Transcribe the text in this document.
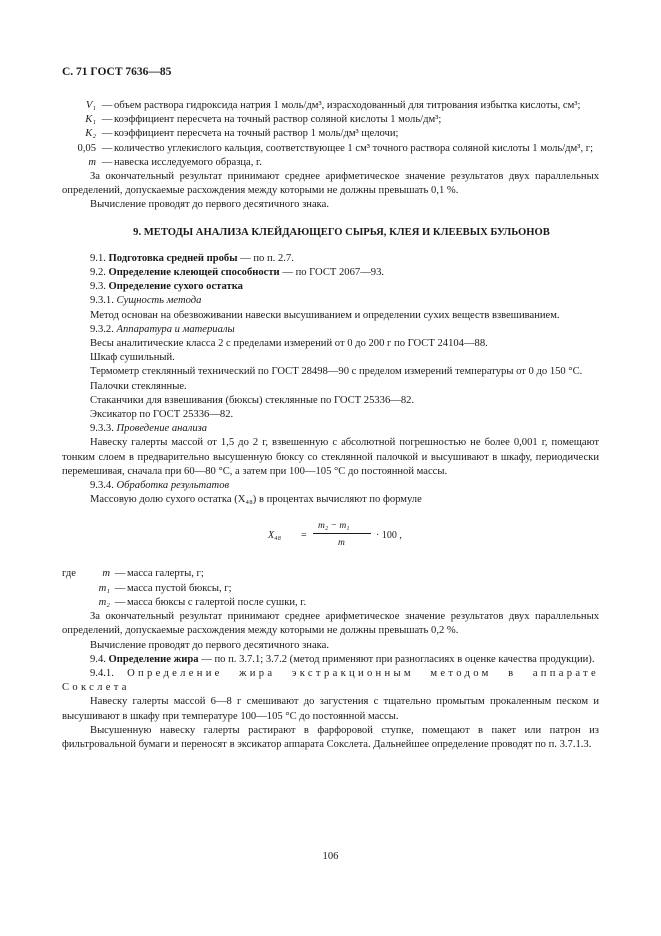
С. 71 ГОСТ 7636—85
V₁ — объем раствора гидроксида натрия 1 моль/дм³, израсходованный для титрования избытка кислоты, см³;
K₁ — коэффициент пересчета на точный раствор соляной кислоты 1 моль/дм³;
K₂ — коэффициент пересчета на точный раствор 1 моль/дм³ щелочи;
0,05 — количество углекислого кальция, соответствующее 1 см³ точного раствора соляной кислоты 1 моль/дм³, г;
m — навеска исследуемого образца, г.

За окончательный результат принимают среднее арифметическое значение результатов двух параллельных определений, допускаемые расхождения между которыми не должны превышать 0,1 %.

Вычисление проводят до первого десятичного знака.

9. МЕТОДЫ АНАЛИЗА КЛЕЙДАЮЩЕГО СЫРЬЯ, КЛЕЯ И КЛЕЕВЫХ БУЛЬОНОВ

9.1. Подготовка средней пробы — по п. 2.7.

9.2. Определение клеющей способности — по ГОСТ 2067—93.

9.3. Определение сухого остатка

9.3.1. Сущность метода

Метод основан на обезвоживании навески высушиванием и определении сухих веществ взвешиванием.

9.3.2. Аппаратура и материалы

Весы аналитические класса 2 с пределами измерений от 0 до 200 г по ГОСТ 24104—88.

Шкаф сушильный.

Термометр стеклянный технический по ГОСТ 28498—90 с пределом измерений температуры от 0 до 150 °С.

Палочки стеклянные.

Стаканчики для взвешивания (бюксы) стеклянные по ГОСТ 25336—82.

Эксикатор по ГОСТ 25336—82.

9.3.3. Проведение анализа

Навеску галерты массой от 1,5 до 2 г, взвешенную с абсолютной погрешностью не более 0,001 г, помещают тонким слоем в предварительно высушенную бюксу со стеклянной палочкой и высушивают в шкафу, периодически перемешивая, сначала при 60—80 °С, а затем при 100—105 °С до постоянной массы.

9.3.4. Обработка результатов

Массовую долю сухого остатка (X₄₈) в процентах вычисляют по формуле

X₄₈ =
m₂ − m₁
m
· 100 ,
где	m — масса галерты, г;
m₁ — масса пустой бюксы, г;
m₂ — масса бюксы с галертой после сушки, г.

За окончательный результат принимают среднее арифметическое значение результатов двух параллельных определений, допускаемые расхождения между которыми не должны превышать 0,2 %.

Вычисление проводят до первого десятичного знака.

9.4. Определение жира — по п. 3.7.1; 3.7.2 (метод применяют при разногласиях в оценке качества продукции).

9.4.1. Определение жира экстракционным методом в аппарате Сокслета

Навеску галерты массой 6—8 г смешивают до загустения с тщательно промытым прокаленным песком и высушивают в шкафу при температуре 100—105 °С до постоянной массы.

Высушенную навеску галерты растирают в фарфоровой ступке, помещают в пакет или патрон из фильтровальной бумаги и переносят в эксикатор аппарата Сокслета. Дальнейшее определение проводят по п. 3.7.1.3.

106
